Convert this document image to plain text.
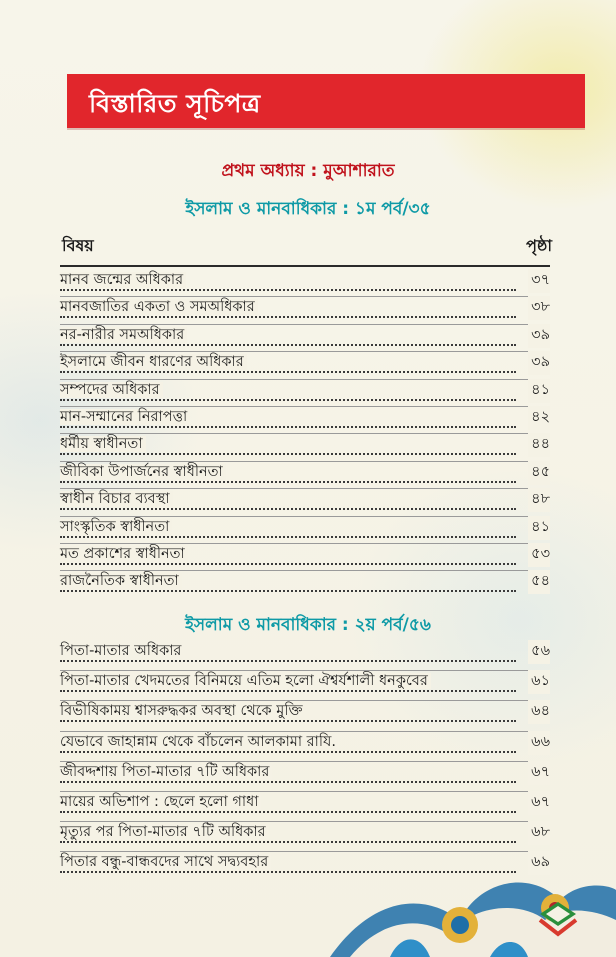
বিস্তারিত সূচিপত্র
প্রথম অধ্যায় : মুআশারাত
ইসলাম ও মানবাধিকার : ১ম পর্ব/৩৫
বিষয়	পৃষ্ঠা
মানব জন্মের অধিকার	৩৭
মানবজাতির একতা ও সমঅধিকার	৩৮
নর-নারীর সমঅধিকার	৩৯
ইসলামে জীবন ধারণের অধিকার	৩৯
সম্পদের অধিকার	৪১
মান-সম্মানের নিরাপত্তা	৪২
ধর্মীয় স্বাধীনতা	৪৪
জীবিকা উপার্জনের স্বাধীনতা	৪৫
স্বাধীন বিচার ব্যবস্থা	৪৮
সাংস্কৃতিক স্বাধীনতা	৪১
মত প্রকাশের স্বাধীনতা	৫৩
রাজনৈতিক স্বাধীনতা	৫৪
ইসলাম ও মানবাধিকার : ২য় পর্ব/৫৬
পিতা-মাতার অধিকার	৫৬
পিতা-মাতার খেদমতের বিনিময়ে এতিম হলো ঐশ্বর্যশালী ধনকুবের	৬১
বিভীষিকাময় শ্বাসরুদ্ধকর অবস্থা থেকে মুক্তি	৬৪
যেভাবে জাহান্নাম থেকে বাঁচলেন আলকামা রাযি.	৬৬
জীবদ্দশায় পিতা-মাতার ৭টি অধিকার	৬৭
মায়ের অভিশাপ : ছেলে হলো গাধা	৬৭
মৃত্যুর পর পিতা-মাতার ৭টি অধিকার	৬৮
পিতার বন্ধু-বান্ধবদের সাথে সদ্ব্যবহার	৬৯
